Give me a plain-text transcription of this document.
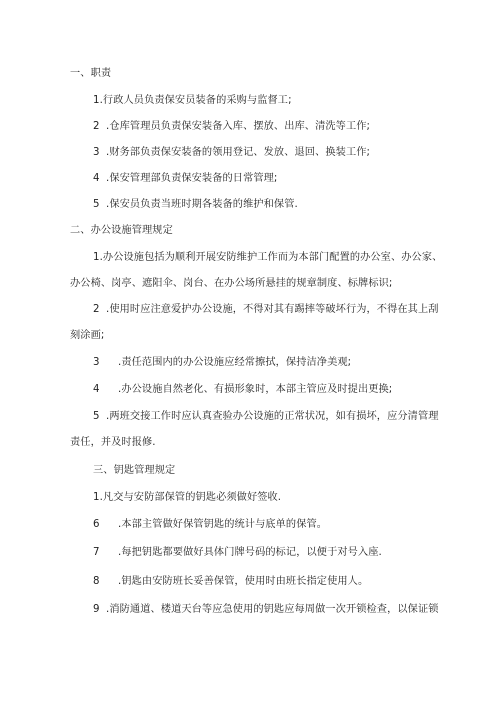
一、职责
1.行政人员负责保安员装备的采购与监督工;
2 .仓库管理员负责保安装备入库、摆放、出库、清洗等工作;
3 .财务部负责保安装备的领用登记、发放、退回、换装工作;
4 .保安管理部负责保安装备的日常管理;
5 .保安员负责当班时期各装备的维护和保管.
二、办公设施管理规定
1.办公设施包括为顺利开展安防维护工作而为本部门配置的办公室、办公家、
办公椅、岗亭、遮阳伞、岗台、在办公场所悬挂的规章制度、标牌标识;
2 .使用时应注意爱护办公设施，不得对其有踢摔等破坏行为，不得在其上刮
刻涂画;
3 .责任范围内的办公设施应经常擦拭，保持洁净美观;
4 .办公设施自然老化、有损形象时，本部主管应及时提出更换;
5 .两班交接工作时应认真查验办公设施的正常状况，如有损坏，应分清管理
责任，并及时报修.
三、钥匙管理规定
1.凡交与安防部保管的钥匙必须做好签收.
6 .本部主管做好保管钥匙的统计与底单的保管。
7 .每把钥匙都要做好具体门牌号码的标记，以便于对号入座.
8 .钥匙由安防班长妥善保管，使用时由班长指定使用人。
9 .消防通道、楼道天台等应急使用的钥匙应每周做一次开锁检查，以保证锁
